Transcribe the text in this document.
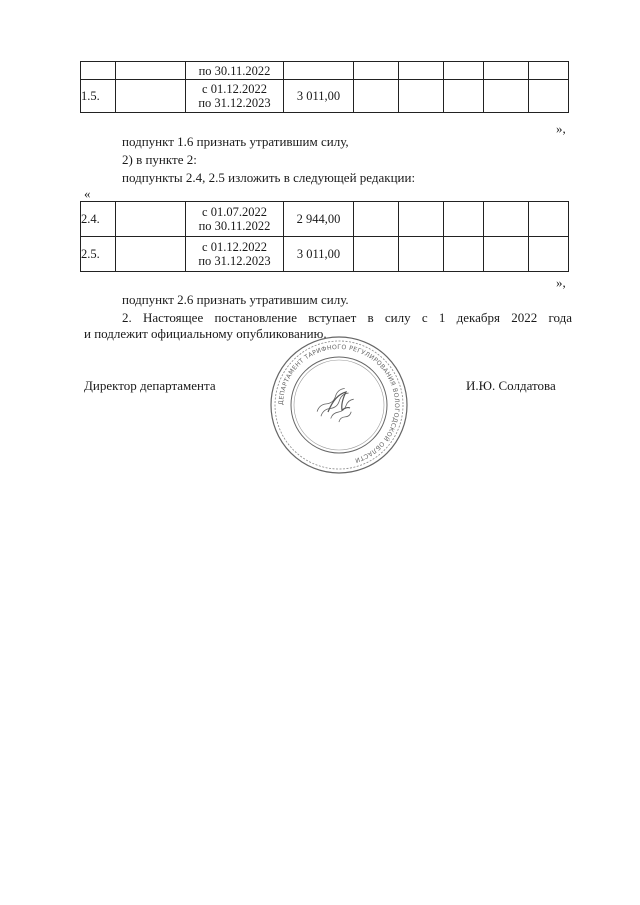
		по 30.11.2022						

1.5.		с 01.12.2022
по 31.12.2023	3 011,00					
»,
подпункт 1.6 признать утратившим силу,
2) в пункте 2:
подпункты 2.4, 2.5 изложить в следующей редакции:
«
2.4.		с 01.07.2022
по 30.11.2022	2 944,00					
2.5.		с 01.12.2022
по 31.12.2023	3 011,00					
»,
подпункт 2.6 признать утратившим силу.
2. Настоящее постановление вступает в силу с 1 декабря 2022 года
и подлежит официальному опубликованию.
Директор департамента	И.Ю. Солдатова
ДЕПАРТАМЕНТ ТАРИФНОГО РЕГУЛИРОВАНИЯ ВОЛОГОДСКОЙ ОБЛАСТИ
